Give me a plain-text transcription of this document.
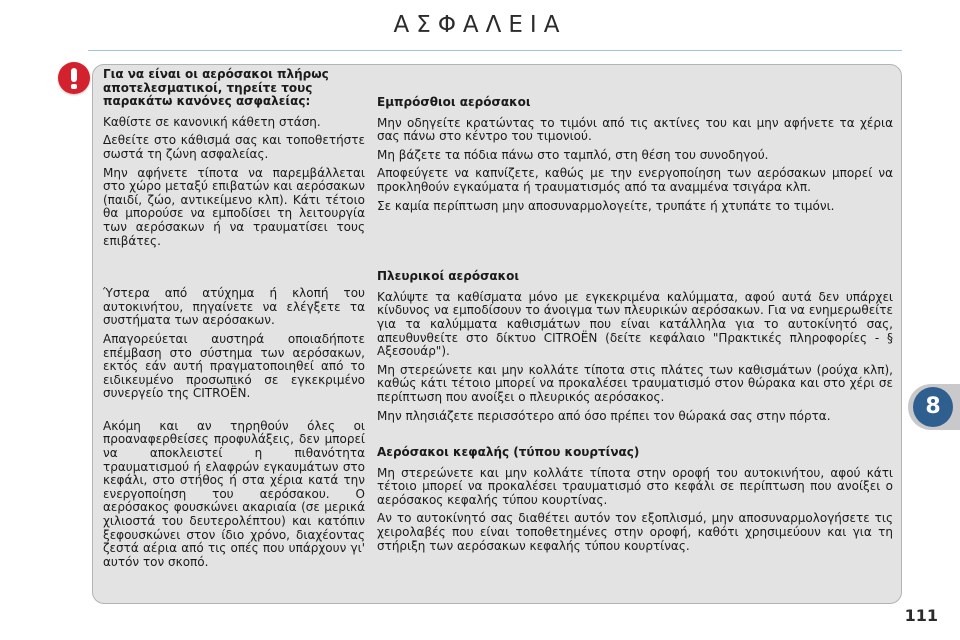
ΑΣΦΑΛΕΙΑ
Για να είναι οι αερόσακοι πλήρως αποτελεσματικοί, τηρείτε τους παρακάτω κανόνες ασφαλείας:

Καθίστε σε κανονική κάθετη στάση.

Δεθείτε στο κάθισμά σας και τοποθετήστε σωστά τη ζώνη ασφαλείας.

Μην αφήνετε τίποτα να παρεμβάλλεται στο χώρο μεταξύ επιβατών και αερόσακων (παιδί, ζώο, αντικείμενο κλπ). Κάτι τέτοιο θα μπορούσε να εμποδίσει τη λειτουργία των αερόσακων ή να τραυματίσει τους επιβάτες.

Ύστερα από ατύχημα ή κλοπή του αυτοκινήτου, πηγαίνετε να ελέγξετε τα συστήματα των αερόσακων.

Απαγορεύεται αυστηρά οποιαδήποτε επέμβαση στο σύστημα των αερόσακων, εκτός εάν αυτή πραγματοποιηθεί από το ειδικευμένο προσωπικό σε εγκεκριμένο συνεργείο της CITROËN.

Ακόμη και αν τηρηθούν όλες οι προαναφερθείσες προφυλάξεις, δεν μπορεί να αποκλειστεί η πιθανότητα τραυματισμού ή ελαφρών εγκαυμάτων στο κεφάλι, στο στήθος ή στα χέρια κατά την ενεργοποίηση του αερόσακου. Ο αερόσακος φουσκώνει ακαριαία (σε μερικά χιλιοστά του δευτερολέπτου) και κατόπιν ξεφουσκώνει στον ίδιο χρόνο, διαχέοντας ζεστά αέρια από τις οπές που υπάρχουν γι' αυτόν τον σκοπό.

Εμπρόσθιοι αερόσακοι

Μην οδηγείτε κρατώντας το τιμόνι από τις ακτίνες του και μην αφήνετε τα χέρια σας πάνω στο κέντρο του τιμονιού.

Μη βάζετε τα πόδια πάνω στο ταμπλό, στη θέση του συνοδηγού.

Αποφεύγετε να καπνίζετε, καθώς με την ενεργοποίηση των αερόσακων μπορεί να προκληθούν εγκαύματα ή τραυματισμός από τα αναμμένα τσιγάρα κλπ.

Σε καμία περίπτωση μην αποσυναρμολογείτε, τρυπάτε ή χτυπάτε το τιμόνι.

Πλευρικοί αερόσακοι

Καλύψτε τα καθίσματα μόνο με εγκεκριμένα καλύμματα, αφού αυτά δεν υπάρχει κίνδυνος να εμποδίσουν το άνοιγμα των πλευρικών αερόσακων. Για να ενημερωθείτε για τα καλύμματα καθισμάτων που είναι κατάλληλα για το αυτοκίνητό σας, απευθυνθείτε στο δίκτυο CITROËN (δείτε κεφάλαιο "Πρακτικές πληροφορίες - § Αξεσουάρ").

Μη στερεώνετε και μην κολλάτε τίποτα στις πλάτες των καθισμάτων (ρούχα κλπ), καθώς κάτι τέτοιο μπορεί να προκαλέσει τραυματισμό στον θώρακα και στο χέρι σε περίπτωση που ανοίξει ο πλευρικός αερόσακος.

Μην πλησιάζετε περισσότερο από όσο πρέπει τον θώρακά σας στην πόρτα.

Αερόσακοι κεφαλής (τύπου κουρτίνας)

Μη στερεώνετε και μην κολλάτε τίποτα στην οροφή του αυτοκινήτου, αφού κάτι τέτοιο μπορεί να προκαλέσει τραυματισμό στο κεφάλι σε περίπτωση που ανοίξει ο αερόσακος κεφαλής τύπου κουρτίνας.

Αν το αυτοκίνητό σας διαθέτει αυτόν τον εξοπλισμό, μην αποσυναρμολογήσετε τις χειρολαβές που είναι τοποθετημένες στην οροφή, καθότι χρησιμεύουν και για τη στήριξη των αερόσακων κεφαλής τύπου κουρτίνας.

8
111
